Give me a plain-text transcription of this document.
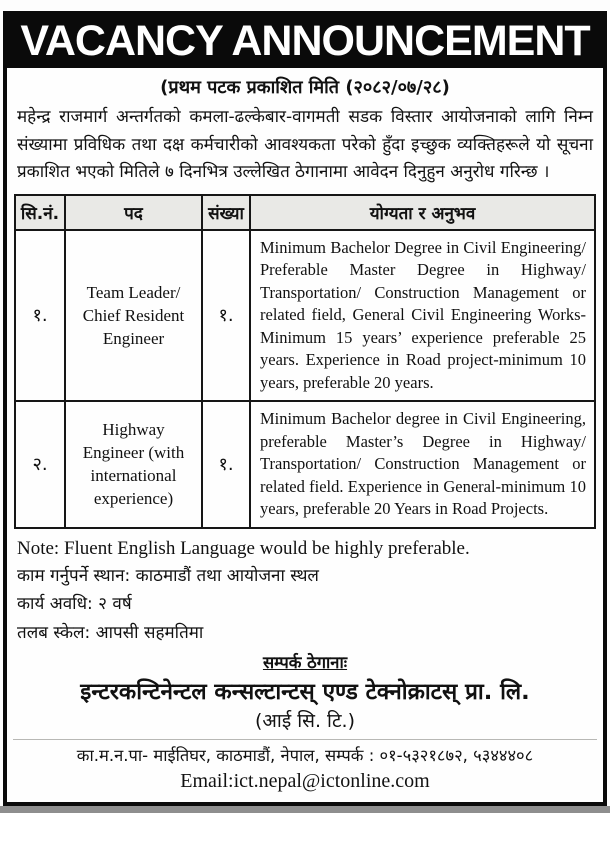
VACANCY ANNOUNCEMENT
(प्रथम पटक प्रकाशित मिति (२०८२/०७/२८)
महेन्द्र राजमार्ग अन्तर्गतको कमला-ढल्केबार-वागमती सडक विस्तार आयोजनाको लागि निम्न संख्यामा प्रविधिक तथा दक्ष कर्मचारीको आवश्यकता परेको हुँदा इच्छुक व्यक्तिहरूले यो सूचना प्रकाशित भएको मितिले ७ दिनभित्र उल्लेखित ठेगानामा आवेदन दिनुहुन अनुरोध गरिन्छ ।
सि.नं.	पद	संख्या	योग्यता र अनुभव
१.	Team Leader/ Chief Resident Engineer	१.	Minimum Bachelor Degree in Civil Engineering/ Preferable Master Degree in Highway/ Transportation/ Construction Management or related field, General Civil Engineering Works- Minimum 15 years’ experience preferable 25 years. Experience in Road project-minimum 10 years, preferable 20 years.
२.	Highway Engineer (with international experience)	१.	Minimum Bachelor degree in Civil Engineering, preferable Master’s Degree in Highway/ Transportation/ Construction Management or related field. Experience in General-minimum 10 years, preferable 20 Years in Road Projects.
Note: Fluent English Language would be highly preferable.
काम गर्नुपर्ने स्थान: काठमाडौं तथा आयोजना स्थल
कार्य अवधि: २ वर्ष
तलब स्केल: आपसी सहमतिमा
सम्पर्क ठेगानाः
इन्टरकन्टिनेन्टल कन्सल्टान्टस् एण्ड टेक्नोक्राटस् प्रा. लि.
(आई सि. टि.)
का.म.न.पा- माईतिघर, काठमाडौं, नेपाल, सम्पर्क : ०१-५३२१८७२, ५३४४४०८
Email:ict.nepal@ictonline.com
